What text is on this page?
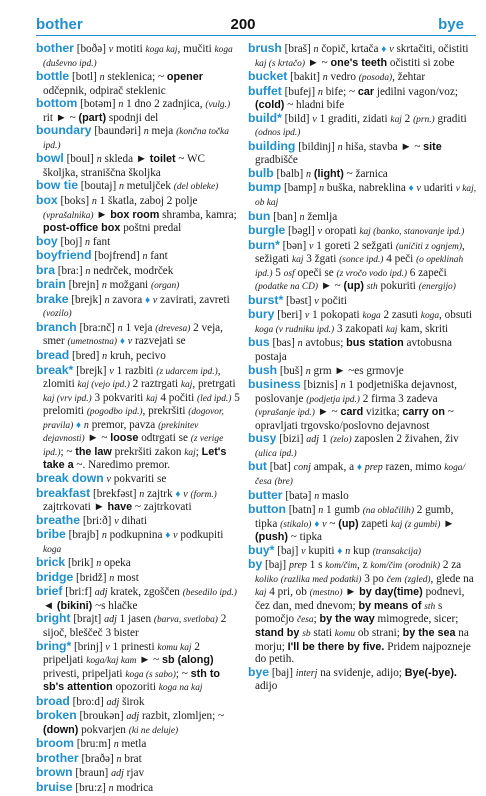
bother	200	bye

bother [boðə] v motiti koga kaj, mučiti koga (duševno ipd.)

bottle [botl] n steklenica; ~ opener odčepnik, odpirač steklenic

bottom [botəm] n 1 dno 2 zadnjica, (vulg.) rit ► ~ (part) spodnji del

boundary [baundəri] n meja (končna točka ipd.)

bowl [boul] n skleda ► toilet ~ WC školjka, straniščna školjka

bow tie [boutaj] n metuljček (del obleke)

box [boks] n 1 škatla, zaboj 2 polje (vprašalnika) ► box room shramba, kamra; post-office box poštni predal

boy [boj] n fant

boyfriend [bojfrend] n fant

bra [bra:] n nedrček, modrček

brain [brejn] n možgani (organ)

brake [brejk] n zavora ♦ v zavirati, zavreti (vozilo)

branch [bra:nč] n 1 veja (drevesa) 2 veja, smer (umetnostna) ♦ v razvejati se

bread [bred] n kruh, pecivo

break* [brejk] v 1 razbiti (z udarcem ipd.), zlomiti kaj (vejo ipd.) 2 raztrgati kaj, pretrgati kaj (vrv ipd.) 3 pokvariti kaj 4 počiti (led ipd.) 5 prelomiti (pogodbo ipd.), prekršiti (dogovor, pravila) ♦ n premor, pavza (prekinitev dejavnosti) ► ~ loose odtrgati se (z verige ipd.); ~ the law prekršiti zakon kaj; Let's take a ~. Naredimo premor.

break down v pokvariti se

breakfast [brekfəst] n zajtrk ♦ v (form.) zajtrkovati ► have ~ zajtrkovati

breathe [bri:ð] v dihati

bribe [brajb] n podkupnina ♦ v podkupiti koga

brick [brik] n opeka

bridge [bridž] n most

brief [bri:f] adj kratek, zgoščen (besedilo ipd.) ◄ (bikini) ~s hlačke

bright [brajt] adj 1 jasen (barva, svetloba) 2 sijoč, bleščeč 3 bister

bring* [brinj] v 1 prinesti komu kaj 2 pripeljati koga/kaj kam ► ~ sb (along) privesti, pripeljati koga (s sabo); ~ sth to sb's attention opozoriti koga na kaj

broad [bro:d] adj širok

broken [broukən] adj razbit, zlomljen; ~ (down) pokvarjen (ki ne deluje)

broom [bru:m] n metla

brother [braðə] n brat

brown [braun] adj rjav

bruise [bru:z] n modrica

brush [braš] n čopič, krtača ♦ v skrtačiti, očistiti kaj (s krtačo) ► ~ one's teeth očistiti si zobe

bucket [bakit] n vedro (posoda), žehtar

buffet [bufej] n bife; ~ car jedilni vagon/voz; (cold) ~ hladni bife

build* [bild] v 1 graditi, zidati kaj 2 (prn.) graditi (odnos ipd.)

building [bildinj] n hiša, stavba ► ~ site gradbišče

bulb [balb] n (light) ~ žarnica

bump [bamp] n buška, nabreklina ♦ v udariti v kaj, ob kaj

bun [ban] n žemlja

burgle [bəgl] v oropati kaj (banko, stanovanje ipd.)

burn* [bən] v 1 goreti 2 sežgati (uničiti z ognjem), sežigati kaj 3 žgati (sonce ipd.) 4 peči (o opeklinah ipd.) 5 osf opeči se (z vročo vodo ipd.) 6 zapeči (podatke na CD) ► ~ (up) sth pokuriti (energijo)

burst* [bəst] v počiti

bury [beri] v 1 pokopati koga 2 zasuti koga, obsuti koga (v rudniku ipd.) 3 zakopati kaj kam, skriti

bus [bas] n avtobus; bus station avtobusna postaja

bush [buš] n grm ► ~es grmovje

business [biznis] n 1 podjetniška dejavnost, poslovanje (podjetja ipd.) 2 firma 3 zadeva (vprašanje ipd.) ► ~ card vizitka; carry on ~ opravljati trgovsko/poslovno dejavnost

busy [bizi] adj 1 (zelo) zaposlen 2 živahen, živ (ulica ipd.)

but [bat] conj ampak, a ♦ prep razen, mimo koga/česa (bre)

butter [batə] n maslo

button [batn] n 1 gumb (na oblačilih) 2 gumb, tipka (stikalo) ♦ v ~ (up) zapeti kaj (z gumbi) ► (push) ~ tipka

buy* [baj] v kupiti ♦ n kup (transakcija)

by [baj] prep 1 s kom/čim, z kom/čim (orodnik) 2 za koliko (razlika med podatki) 3 po čem (zgled), glede na kaj 4 pri, ob (mestno) ► by day(time) podnevi, čez dan, med dnevom; by means of sth s pomočjo česa; by the way mimogrede, sicer; stand by sb stati komu ob strani; by the sea na morju; I'll be there by five. Pridem najpozneje do petih.

bye [baj] interj na svidenje, adijo; Bye(-bye). adijo
